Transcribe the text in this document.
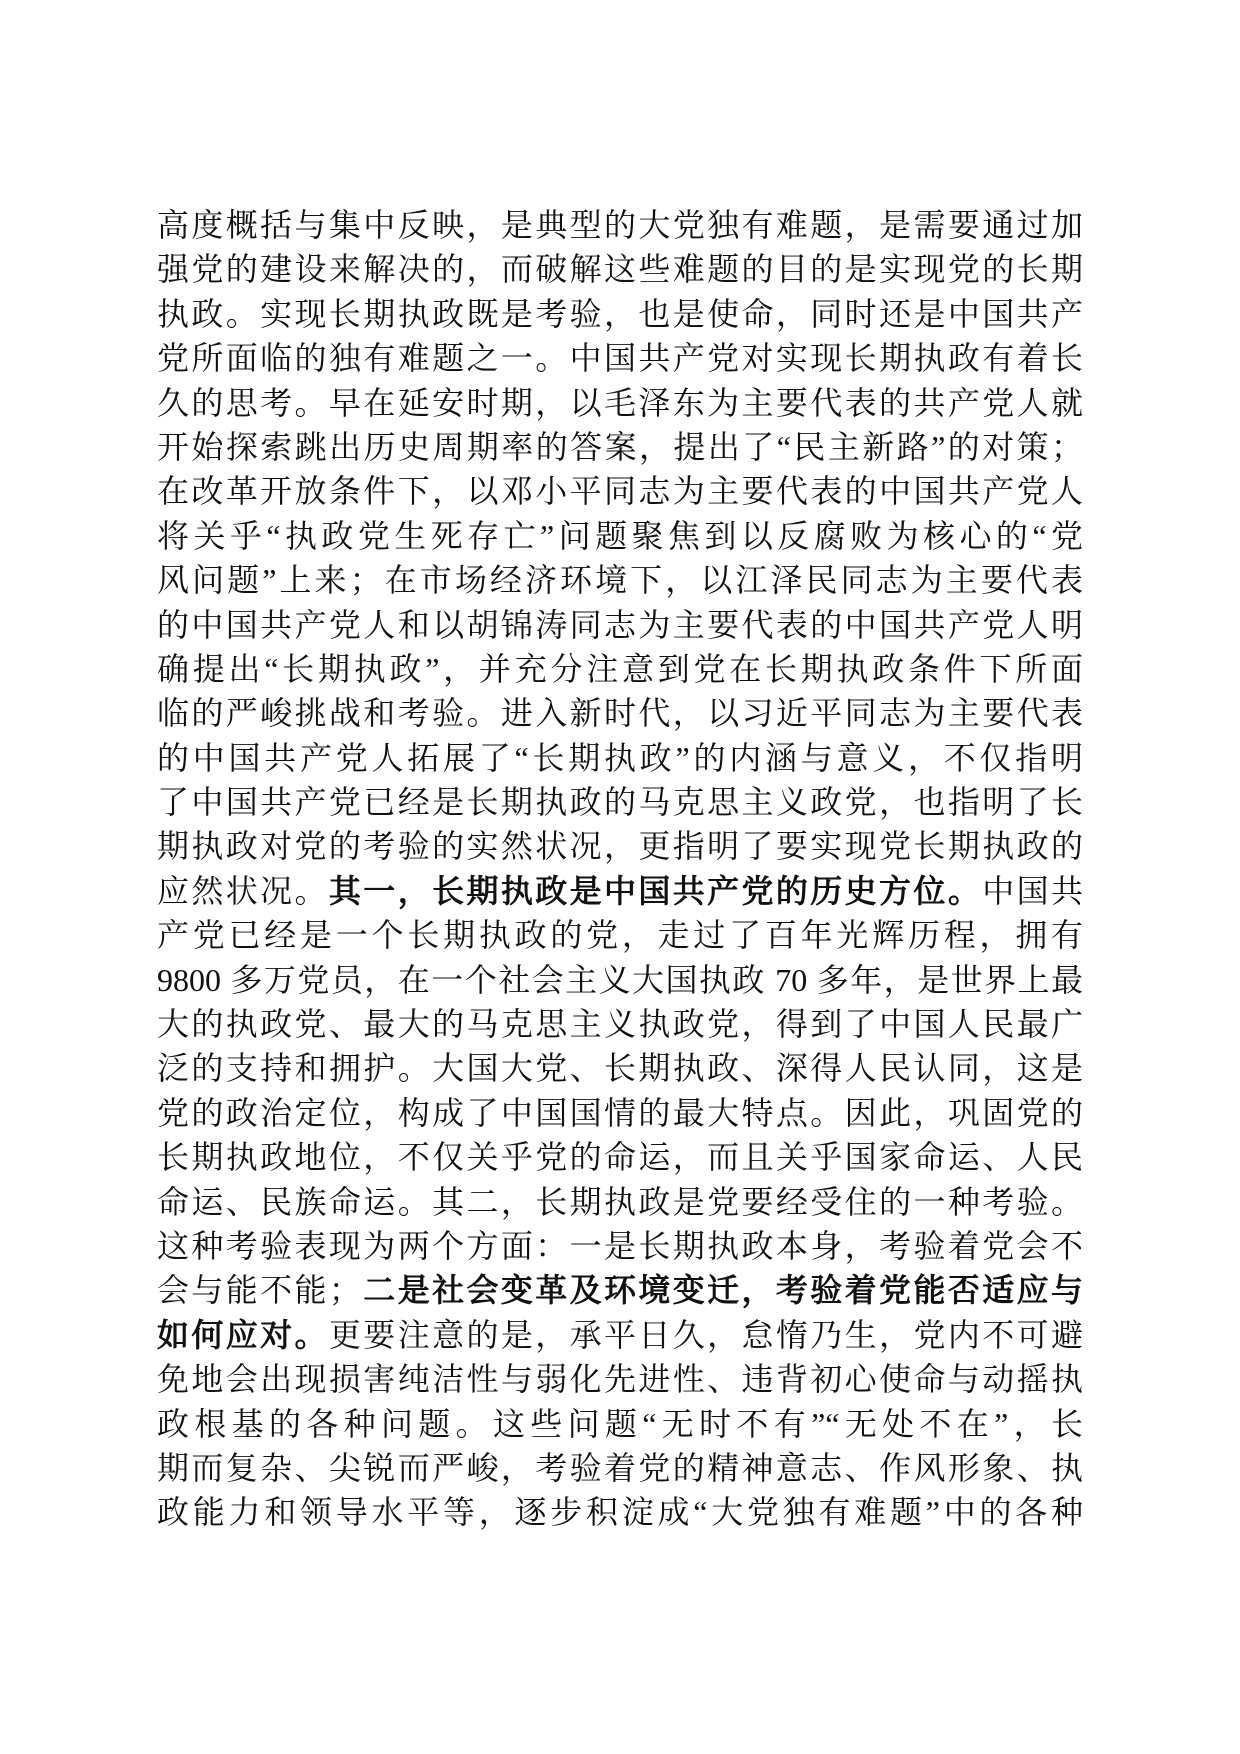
高度概括与集中反映，是典型的大党独有难题，是需要通过加
强党的建设来解决的，而破解这些难题的目的是实现党的长期
执政。实现长期执政既是考验，也是使命，同时还是中国共产
党所面临的独有难题之一。中国共产党对实现长期执政有着长
久的思考。早在延安时期，以毛泽东为主要代表的共产党人就
开始探索跳出历史周期率的答案，提出了“民主新路”的对策；
在改革开放条件下，以邓小平同志为主要代表的中国共产党人
将关乎“执政党生死存亡”问题聚焦到以反腐败为核心的“党
风问题”上来；在市场经济环境下，以江泽民同志为主要代表
的中国共产党人和以胡锦涛同志为主要代表的中国共产党人明
确提出“长期执政”，并充分注意到党在长期执政条件下所面
临的严峻挑战和考验。进入新时代，以习近平同志为主要代表
的中国共产党人拓展了“长期执政”的内涵与意义，不仅指明
了中国共产党已经是长期执政的马克思主义政党，也指明了长
期执政对党的考验的实然状况，更指明了要实现党长期执政的
应然状况。其一，长期执政是中国共产党的历史方位。中国共
产党已经是一个长期执政的党，走过了百年光辉历程，拥有
9800 多万党员，在一个社会主义大国执政 70 多年，是世界上最
大的执政党、最大的马克思主义执政党，得到了中国人民最广
泛的支持和拥护。大国大党、长期执政、深得人民认同，这是
党的政治定位，构成了中国国情的最大特点。因此，巩固党的
长期执政地位，不仅关乎党的命运，而且关乎国家命运、人民
命运、民族命运。其二，长期执政是党要经受住的一种考验。
这种考验表现为两个方面：一是长期执政本身，考验着党会不
会与能不能；二是社会变革及环境变迁，考验着党能否适应与
如何应对。更要注意的是，承平日久，怠惰乃生，党内不可避
免地会出现损害纯洁性与弱化先进性、违背初心使命与动摇执
政根基的各种问题。这些问题“无时不有”“无处不在”，长
期而复杂、尖锐而严峻，考验着党的精神意志、作风形象、执
政能力和领导水平等，逐步积淀成“大党独有难题”中的各种
